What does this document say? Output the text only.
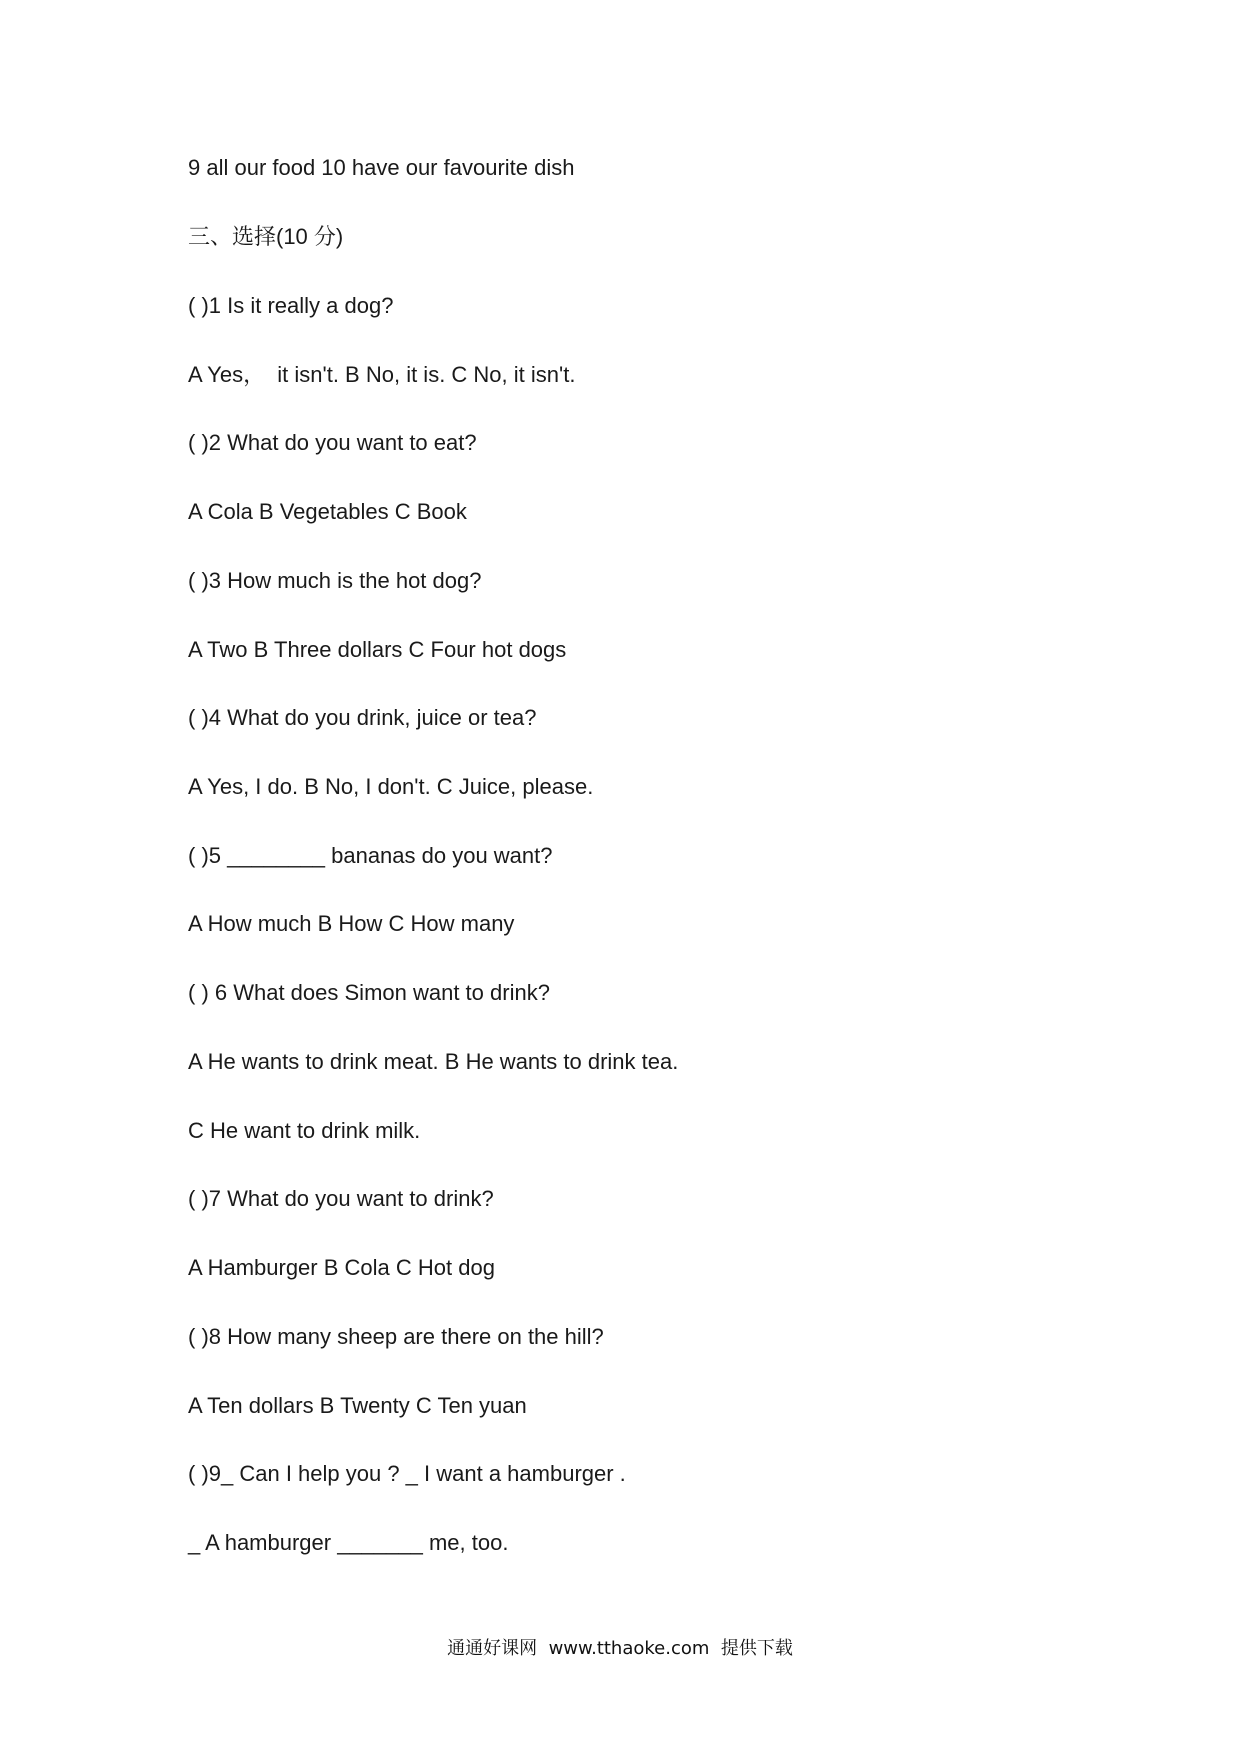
9 all our food 10 have our favourite dish
三、选择(10 分)
( )1 Is it really a dog?
A Yes，  it isn't. B No, it is. C No, it isn't.
( )2 What do you want to eat?
A Cola B Vegetables C Book
( )3 How much is the hot dog?
A Two B Three dollars C Four hot dogs
( )4 What do you drink, juice or tea?
A Yes, I do. B No, I don't. C Juice, please.
( )5 ________ bananas do you want?
A How much B How C How many
( ) 6 What does Simon want to drink?
A He wants to drink meat. B He wants to drink tea.
C He want to drink milk.
( )7 What do you want to drink?
A Hamburger B Cola C Hot dog
( )8 How many sheep are there on the hill?
A Ten dollars B Twenty C Ten yuan
( )9_ Can I help you ? _ I want a hamburger .
_ A hamburger _______ me, too.
通通好课网  www.tthaoke.com  提供下载
